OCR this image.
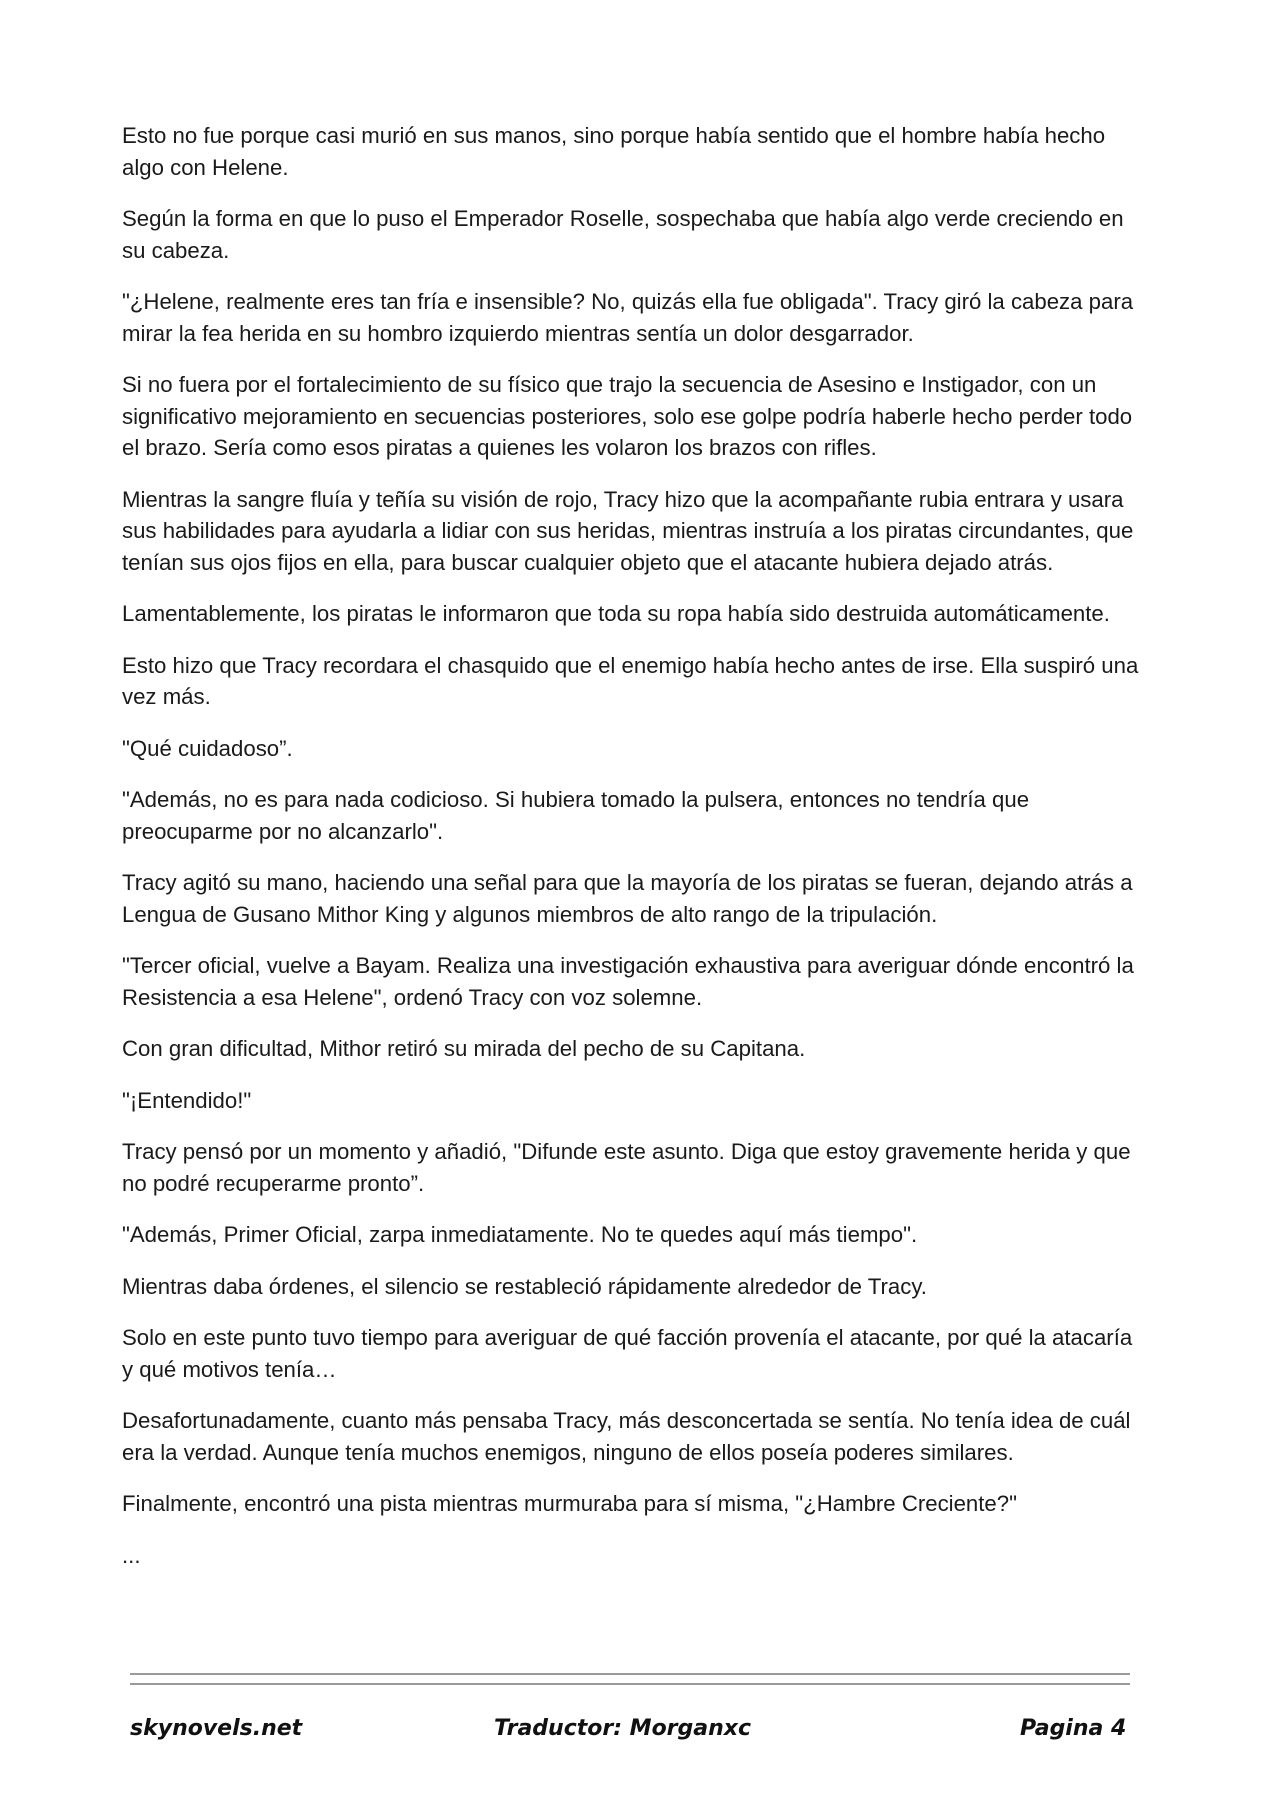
Esto no fue porque casi murió en sus manos, sino porque había sentido que el hombre había hecho algo con Helene.

Según la forma en que lo puso el Emperador Roselle, sospechaba que había algo verde creciendo en su cabeza.

"¿Helene, realmente eres tan fría e insensible? No, quizás ella fue obligada". Tracy giró la cabeza para mirar la fea herida en su hombro izquierdo mientras sentía un dolor desgarrador.

Si no fuera por el fortalecimiento de su físico que trajo la secuencia de Asesino e Instigador, con un significativo mejoramiento en secuencias posteriores, solo ese golpe podría haberle hecho perder todo el brazo. Sería como esos piratas a quienes les volaron los brazos con rifles.

Mientras la sangre fluía y teñía su visión de rojo, Tracy hizo que la acompañante rubia entrara y usara sus habilidades para ayudarla a lidiar con sus heridas, mientras instruía a los piratas circundantes, que tenían sus ojos fijos en ella, para buscar cualquier objeto que el atacante hubiera dejado atrás.

Lamentablemente, los piratas le informaron que toda su ropa había sido destruida automáticamente.

Esto hizo que Tracy recordara el chasquido que el enemigo había hecho antes de irse. Ella suspiró una vez más.

"Qué cuidadoso”.

"Además, no es para nada codicioso. Si hubiera tomado la pulsera, entonces no tendría que preocuparme por no alcanzarlo".

Tracy agitó su mano, haciendo una señal para que la mayoría de los piratas se fueran, dejando atrás a Lengua de Gusano Mithor King y algunos miembros de alto rango de la tripulación.

"Tercer oficial, vuelve a Bayam. Realiza una investigación exhaustiva para averiguar dónde encontró la Resistencia a esa Helene", ordenó Tracy con voz solemne.

Con gran dificultad, Mithor retiró su mirada del pecho de su Capitana.

"¡Entendido!"

Tracy pensó por un momento y añadió, "Difunde este asunto. Diga que estoy gravemente herida y que no podré recuperarme pronto”.

"Además, Primer Oficial, zarpa inmediatamente. No te quedes aquí más tiempo".

Mientras daba órdenes, el silencio se restableció rápidamente alrededor de Tracy.

Solo en este punto tuvo tiempo para averiguar de qué facción provenía el atacante, por qué la atacaría y qué motivos tenía…

Desafortunadamente, cuanto más pensaba Tracy, más desconcertada se sentía. No tenía idea de cuál era la verdad. Aunque tenía muchos enemigos, ninguno de ellos poseía poderes similares.

Finalmente, encontró una pista mientras murmuraba para sí misma, "¿Hambre Creciente?"

...

skynovels.net	Traductor: Morganxc	Pagina 4
